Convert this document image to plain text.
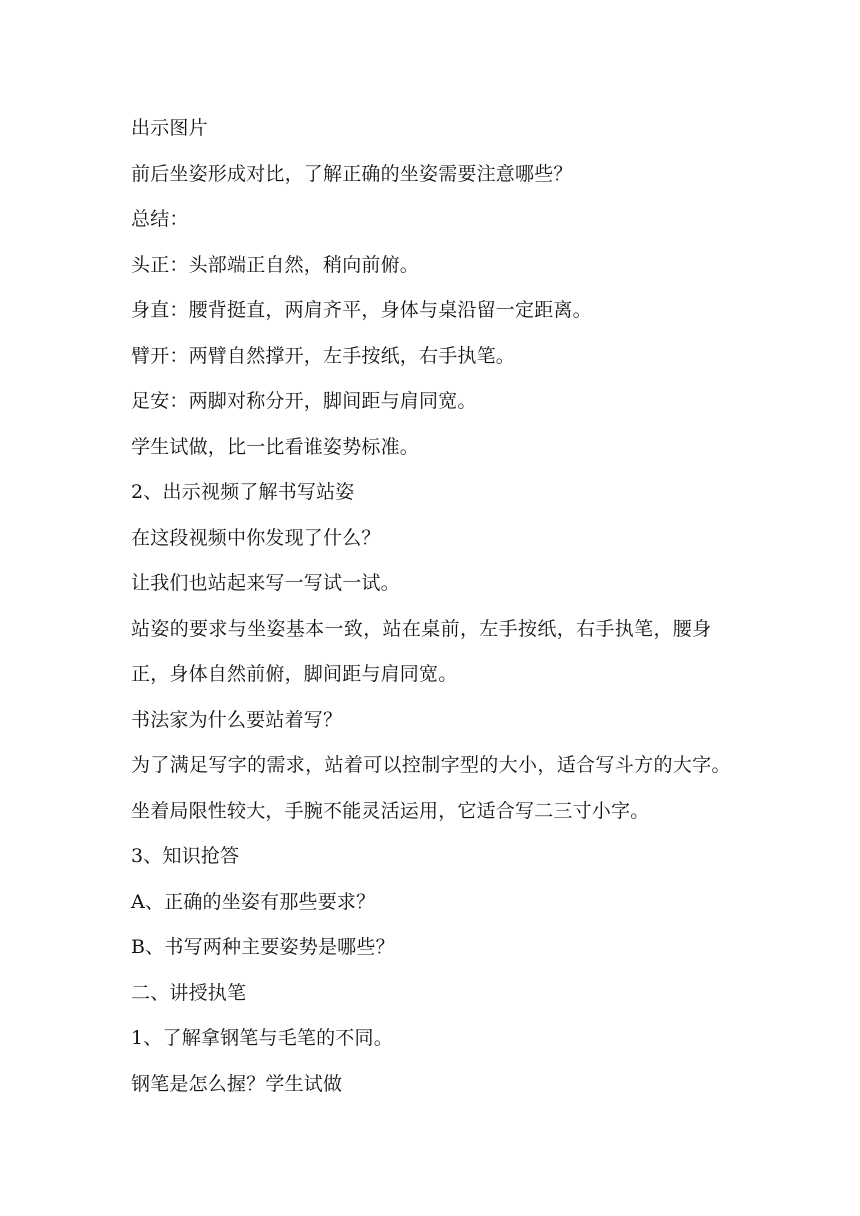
出示图片
前后坐姿形成对比，了解正确的坐姿需要注意哪些？
总结：
头正：头部端正自然，稍向前俯。
身直：腰背挺直，两肩齐平，身体与桌沿留一定距离。
臂开：两臂自然撑开，左手按纸，右手执笔。
足安：两脚对称分开，脚间距与肩同宽。
学生试做，比一比看谁姿势标准。
2、出示视频了解书写站姿
在这段视频中你发现了什么？
让我们也站起来写一写试一试。
站姿的要求与坐姿基本一致，站在桌前，左手按纸，右手执笔，腰身
正，身体自然前俯，脚间距与肩同宽。
书法家为什么要站着写？
为了满足写字的需求，站着可以控制字型的大小，适合写斗方的大字。
坐着局限性较大，手腕不能灵活运用，它适合写二三寸小字。
3、知识抢答
A、正确的坐姿有那些要求？
B、书写两种主要姿势是哪些？
二、讲授执笔
1、了解拿钢笔与毛笔的不同。
钢笔是怎么握？学生试做
